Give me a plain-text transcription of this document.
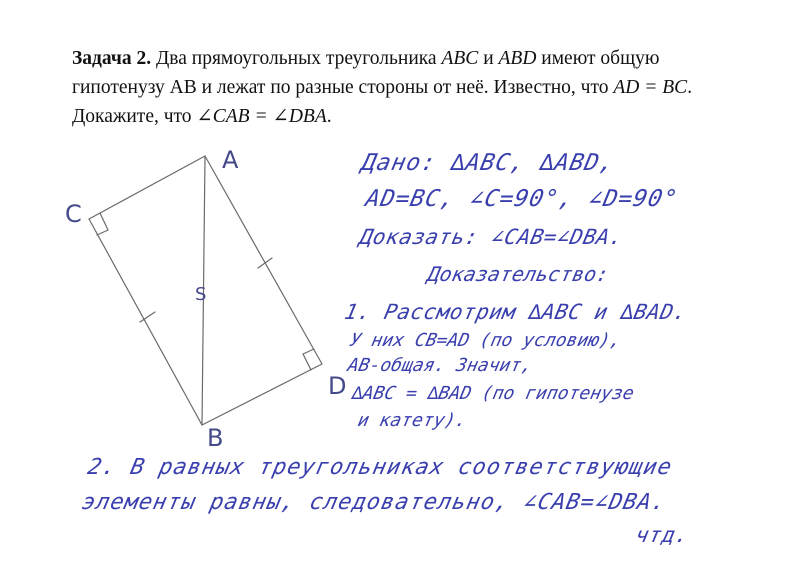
Задача 2. Два прямоугольных треугольника ABC и ABD имеют общую гипотенузу АВ и лежат по разные стороны от неё. Известно, что AD = BC. Докажите, что ∠CAB = ∠DBA.
A
B
C
D
S
Дано: ∆ABC, ∆ABD,
AD=BC, ∠C=90°, ∠D=90°
Доказать: ∠CAB=∠DBA.
Доказательство:
1. Рассмотрим ∆ABC и ∆BAD.
У них CB=AD (по условию),
AB-общая. Значит,
∆ABC = ∆BAD (по гипотенузе
и катету).
2. В равных треугольниках соответствующие
элементы равны, следовательно, ∠CAB=∠DBA.
чтд.
